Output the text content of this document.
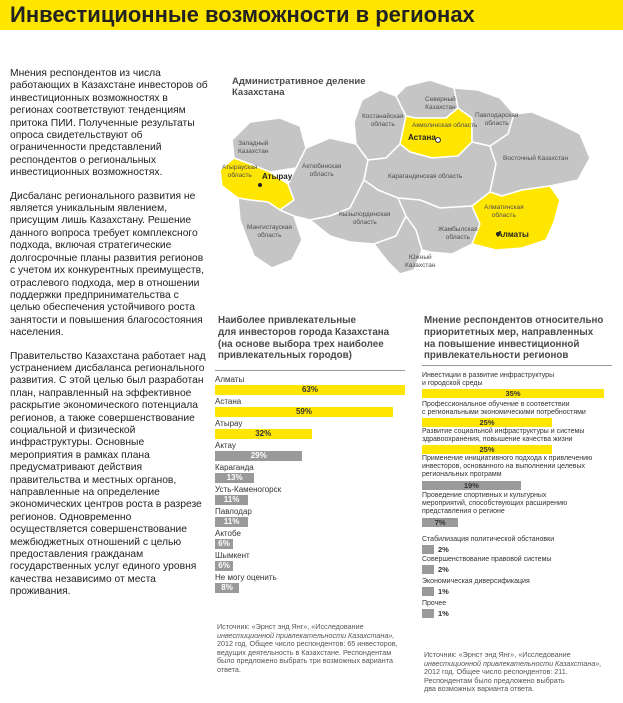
Инвестиционные возможности в регионах

Мнения респондентов из числа работающих в Казахстане инвесторов об инвестиционных возможностях в регионах соответствуют тенденциям притока ПИИ. Полученные результаты опроса свидетельствуют об ограниченности представлений респондентов о региональных инвестиционных возможностях.

Дисбаланс регионального развития не является уникальным явлением, присущим лишь Казахстану. Решение данного вопроса требует комплексного подхода, включая стратегические долгосрочные планы развития регионов с учетом их конкурентных преимуществ, отраслевого подхода, мер в отношении поддержки предпринимательства с целью обеспечения устойчивого роста занятости и повышения благосостояния населения.

Правительство Казахстана работает над устранением дисбаланса регионального развития. С этой целью был разработан план, направленный на эффективное раскрытие экономического потенциала регионов, а также совершенствование социальной и физической инфраструктуры. Основные мероприятия в рамках плана предусматривают действия правительства и местных органов, направленные на определение экономических центров роста в разрезе регионов. Одновременно осуществляется совершенствование межбюджетных отношений с целью предоставления гражданам государственных услуг единого уровня качества независимо от места проживания.

Административное деление
Казахстана
Северный
Казахстан
Костанайская
область	Акмолинская область
Павлодарская
область
Западный
Казахстан
Атырауская
область
Актюбинская
область	Карагандинская область
Восточный Казахстан
Мангистауская
область
Кызылординская
область
Жамбылская
область
Алматинская
область
Южный
Казахстан
Астана
Атырау
Алматы
Наиболее привлекательные
для инвесторов города Казахстана
(на основе выбора трех наиболее
привлекательных городов)
Алматы
63%
Астана
59%
Атырау
32%
Актау
29%
Караганда
13%
Усть-Каменогорск
11%
Павлодар
11%
Актобе
6%
Шымкент
6%
Не могу оценить
8%
Источник: «Эрнст энд Янг», «Исследование
инвестиционной привлекательности Казахстана»,
2012 год. Общее число респондентов: 65 инвесторов,
ведущих деятельность в Казахстане. Респондентам
было предложено выбрать три возможных варианта
ответа.
Мнение респондентов относительно
приоритетных мер, направленных
на повышение инвестиционной
привлекательности регионов
Инвестиции в развитие инфраструктуры
и городской среды
35%
Профессиональное обучение в соответствии
с региональными экономическими потребностями
25%
Развитие социальной инфраструктуры и системы
здравоохранения, повышение качества жизни
25%
Применение инициативного подхода к привлечению
инвесторов, основанного на выполнении целевых
региональных программ
19%
Проведение спортивных и культурных
мероприятий, способствующих расширению
представления о регионе
7%
Стабилизация политической обстановки
2%
Совершенствование правовой системы
2%
Экономическая диверсификация
1%
Прочее
1%
Источник: «Эрнст энд Янг», «Исследование
инвестиционной привлекательности Казахстана»,
2012 год. Общее число респондентов: 211.
Респондентам было предложено выбрать
два возможных варианта ответа.
